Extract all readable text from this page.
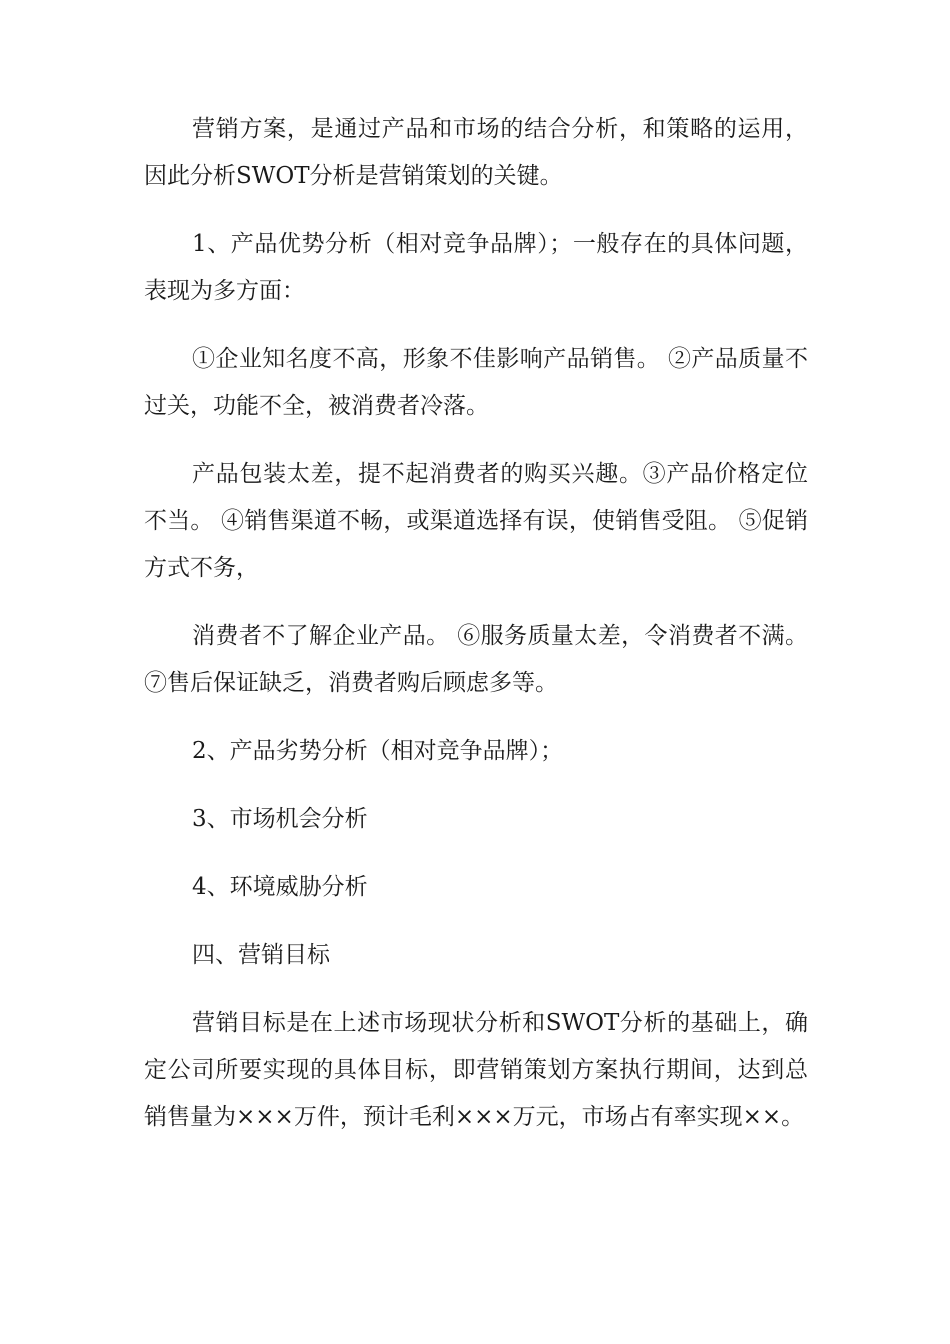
营销方案，是通过产品和市场的结合分析，和策略的运用，因此分析SWOT分析是营销策划的关键。

1、产品优势分析（相对竞争品牌）；一般存在的具体问题，表现为多方面：

①企业知名度不高，形象不佳影响产品销售。 ②产品质量不过关，功能不全，被消费者冷落。

产品包装太差，提不起消费者的购买兴趣。③产品价格定位不当。 ④销售渠道不畅，或渠道选择有误，使销售受阻。 ⑤促销方式不务，

消费者不了解企业产品。 ⑥服务质量太差，令消费者不满。⑦售后保证缺乏，消费者购后顾虑多等。

2、产品劣势分析（相对竞争品牌）；

3、市场机会分析

4、环境威胁分析

四、营销目标

营销目标是在上述市场现状分析和SWOT分析的基础上，确定公司所要实现的具体目标，即营销策划方案执行期间，达到总销售量为×××万件，预计毛利×××万元，市场占有率实现××。
